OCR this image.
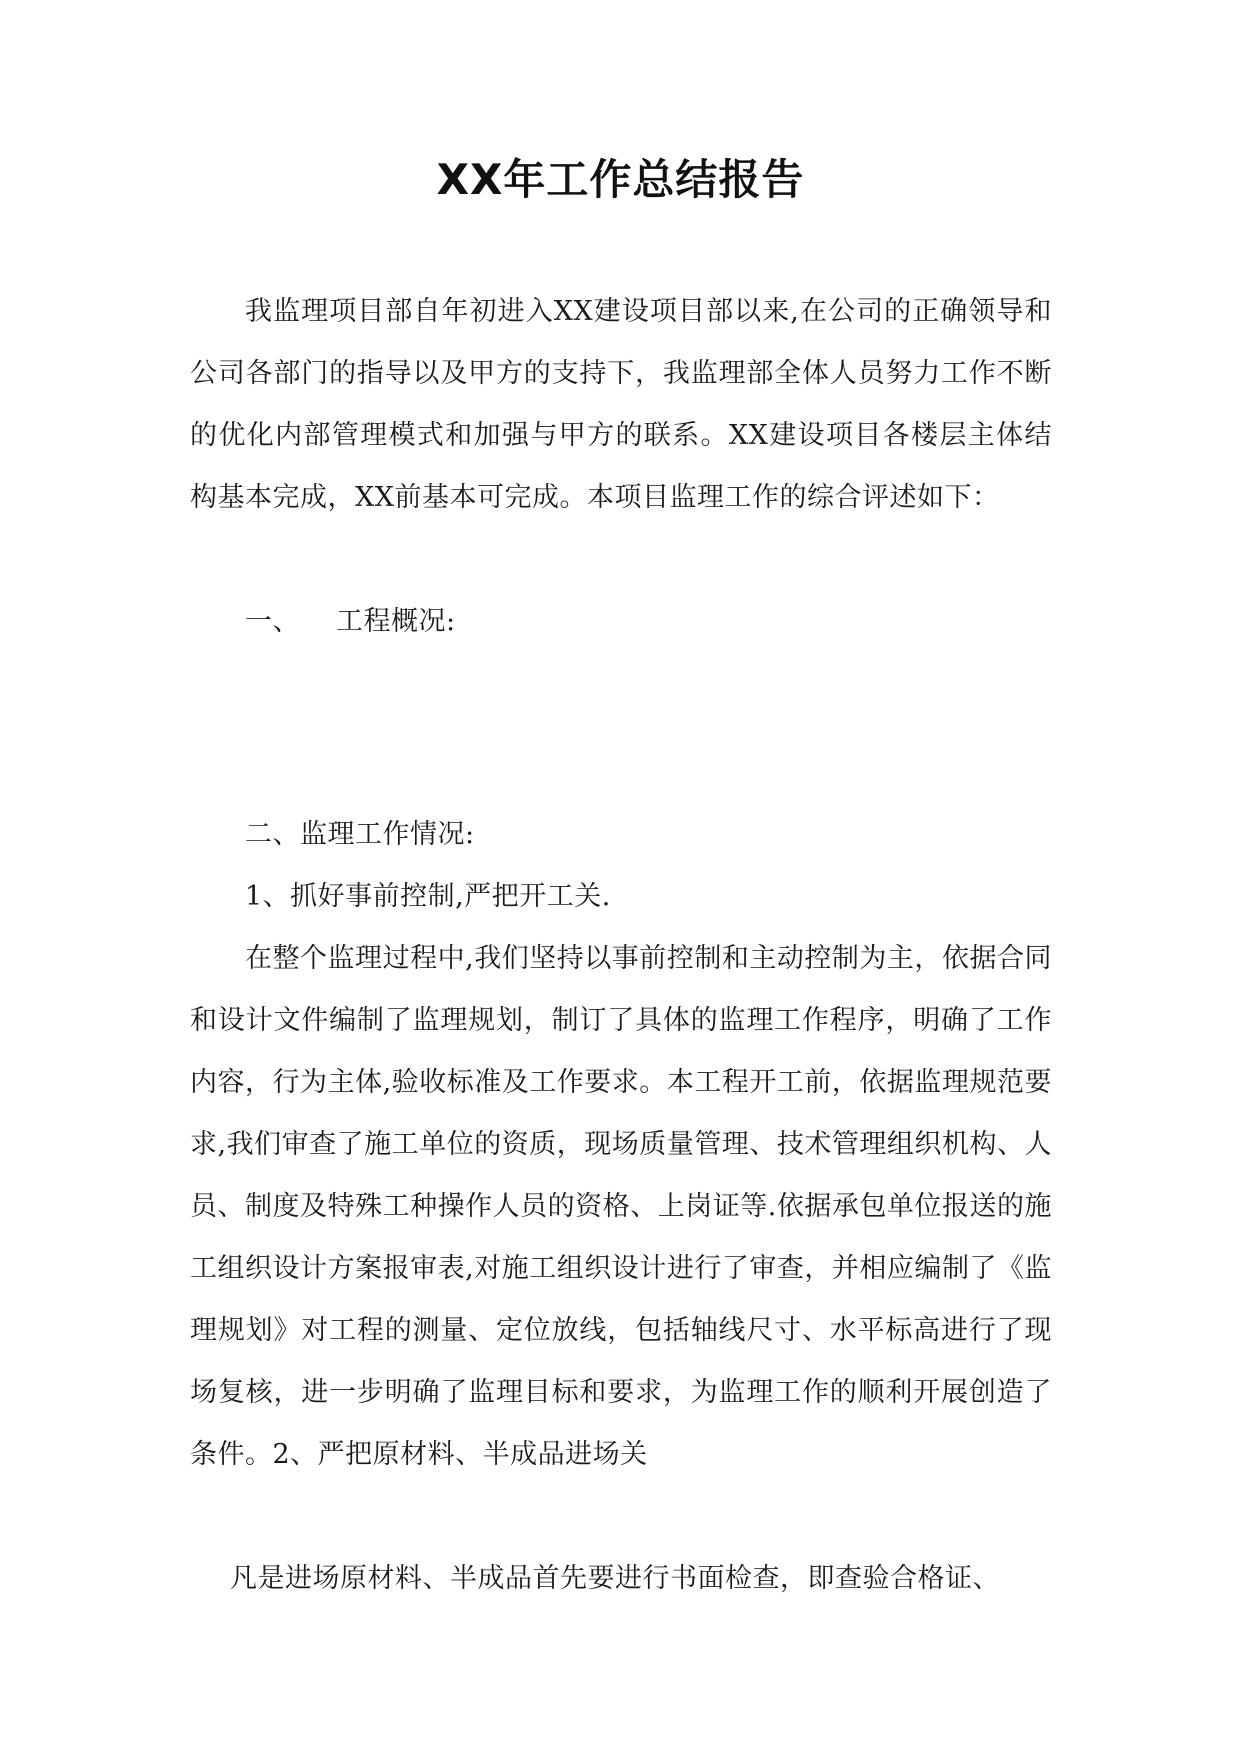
XX年工作总结报告

我监理项目部自年初进入XX建设项目部以来,在公司的正确领导和公司各部门的指导以及甲方的支持下，我监理部全体人员努力工作不断的优化内部管理模式和加强与甲方的联系。XX建设项目各楼层主体结构基本完成，XX前基本可完成。本项目监理工作的综合评述如下：

一、 工程概况:

二、监理工作情况:

1、抓好事前控制,严把开工关.

在整个监理过程中,我们坚持以事前控制和主动控制为主，依据合同和设计文件编制了监理规划，制订了具体的监理工作程序，明确了工作内容，行为主体,验收标准及工作要求。本工程开工前，依据监理规范要求,我们审查了施工单位的资质，现场质量管理、技术管理组织机构、人员、制度及特殊工种操作人员的资格、上岗证等.依据承包单位报送的施工组织设计方案报审表,对施工组织设计进行了审查，并相应编制了《监理规划》对工程的测量、定位放线，包括轴线尺寸、水平标高进行了现场复核，进一步明确了监理目标和要求，为监理工作的顺利开展创造了条件。2、严把原材料、半成品进场关

凡是进场原材料、半成品首先要进行书面检查，即查验合格证、
